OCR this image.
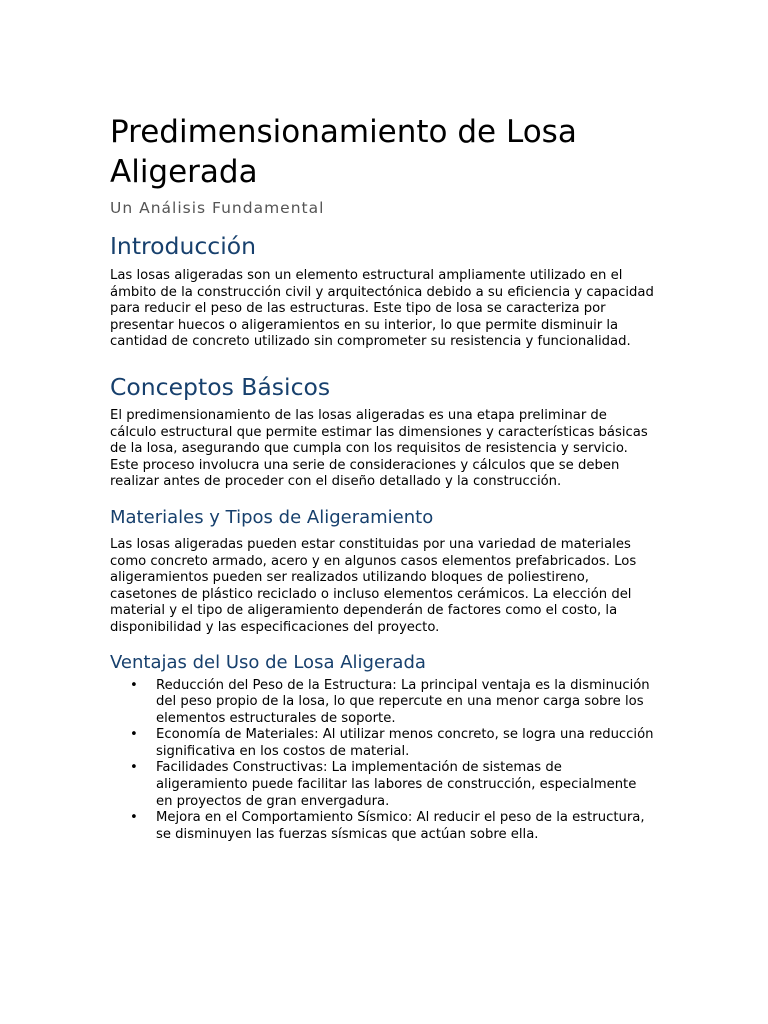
Predimensionamiento de Losa Aligerada
Un Análisis Fundamental
Introducción

Las losas aligeradas son un elemento estructural ampliamente utilizado en el ámbito de la construcción civil y arquitectónica debido a su eficiencia y capacidad para reducir el peso de las estructuras. Este tipo de losa se caracteriza por presentar huecos o aligeramientos en su interior, lo que permite disminuir la cantidad de concreto utilizado sin comprometer su resistencia y funcionalidad.

Conceptos Básicos

El predimensionamiento de las losas aligeradas es una etapa preliminar de cálculo estructural que permite estimar las dimensiones y características básicas de la losa, asegurando que cumpla con los requisitos de resistencia y servicio. Este proceso involucra una serie de consideraciones y cálculos que se deben realizar antes de proceder con el diseño detallado y la construcción.

Materiales y Tipos de Aligeramiento

Las losas aligeradas pueden estar constituidas por una variedad de materiales como concreto armado, acero y en algunos casos elementos prefabricados. Los aligeramientos pueden ser realizados utilizando bloques de poliestireno, casetones de plástico reciclado o incluso elementos cerámicos. La elección del material y el tipo de aligeramiento dependerán de factores como el costo, la disponibilidad y las especificaciones del proyecto.

Ventajas del Uso de Losa Aligerada
• Reducción del Peso de la Estructura: La principal ventaja es la disminución del peso propio de la losa, lo que repercute en una menor carga sobre los elementos estructurales de soporte.
• Economía de Materiales: Al utilizar menos concreto, se logra una reducción significativa en los costos de material.
• Facilidades Constructivas: La implementación de sistemas de aligeramiento puede facilitar las labores de construcción, especialmente en proyectos de gran envergadura.
• Mejora en el Comportamiento Sísmico: Al reducir el peso de la estructura, se disminuyen las fuerzas sísmicas que actúan sobre ella.
